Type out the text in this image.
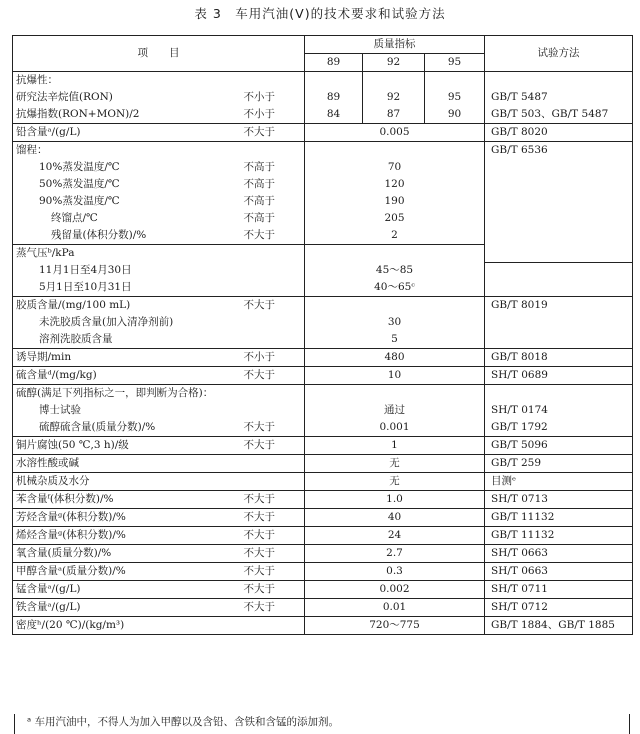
表 3　车用汽油(Ⅴ)的技术要求和试验方法
项　　目		质量指标			试验方法	
		89	92	95		
抗爆性：						
研究法辛烷值(RON)	不小于	89	92	95	GB/T 5487	
抗爆指数(RON+MON)/2	不小于	84	87	90	GB/T 503、GB/T 5487	
铅含量ᵃ/(g/L)	不大于	0.005			GB/T 8020	
馏程：					GB/T 6536	
10%蒸发温度/℃	不高于	70				
50%蒸发温度/℃	不高于	120				
90%蒸发温度/℃	不高于	190				
终馏点/℃	不高于	205				
残留量(体积分数)/%	不大于	2				
蒸气压ᵇ/kPa		
11月1日至4月30日		45～85				
5月1日至10月31日		40～65ᶜ				
胶质含量/(mg/100 mL)	不大于				GB/T 8019	
未洗胶质含量(加入清净剂前)		30				
溶剂洗胶质含量		5				
诱导期/min	不小于	480			GB/T 8018	
硫含量ᵈ/(mg/kg)	不大于	10			SH/T 0689	
硫醇(满足下列指标之一，即判断为合格)：						
博士试验		通过			SH/T 0174	
硫醇硫含量(质量分数)/%	不大于	0.001			GB/T 1792	
铜片腐蚀(50 ℃,3 h)/级	不大于	1			GB/T 5096	
水溶性酸或碱		无			GB/T 259	
机械杂质及水分		无			目测ᵉ	
苯含量ᶠ(体积分数)/%	不大于	1.0			SH/T 0713	
芳烃含量ᵍ(体积分数)/%	不大于	40			GB/T 11132	
烯烃含量ᵍ(体积分数)/%	不大于	24			GB/T 11132	
氧含量(质量分数)/%	不大于	2.7			SH/T 0663	
甲醇含量ᵃ(质量分数)/%	不大于	0.3			SH/T 0663	
锰含量ᵃ/(g/L)	不大于	0.002			SH/T 0711	
铁含量ᵃ/(g/L)	不大于	0.01			SH/T 0712	
密度ʰ/(20 ℃)/(kg/m³)		720～775			GB/T 1884、GB/T 1885	
ᵃ 车用汽油中，不得人为加入甲醇以及含铅、含铁和含锰的添加剂。
